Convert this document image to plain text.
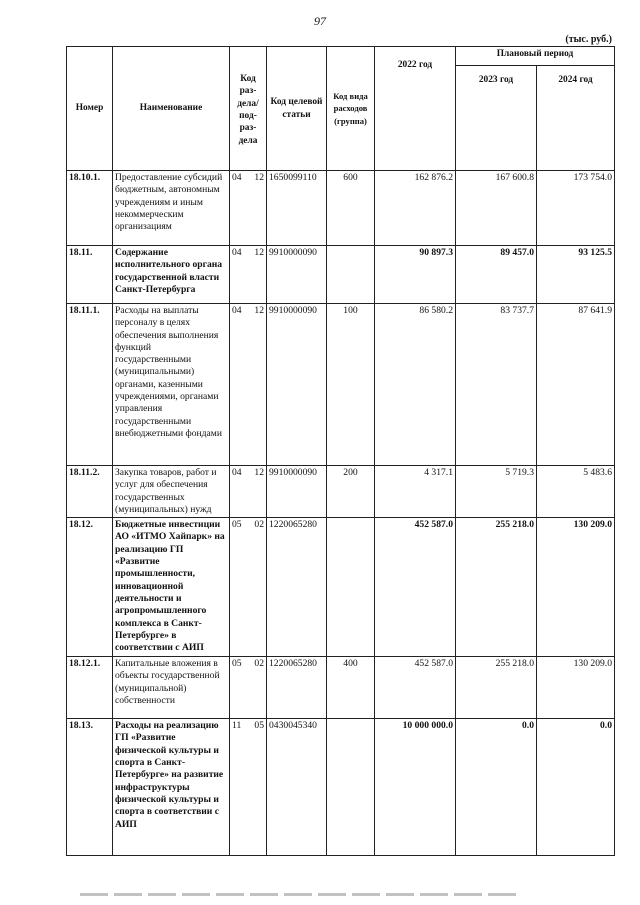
97
(тыс. руб.)
Номер	Наименование	Код раз-дела/ под-раз-дела	Код целевой статьи	Код вида расходов (группа)	2022 год	Плановый период	
						2023 год	2024 год
18.10.1.	Предоставление субсидий бюджетным, автономным учреждениям и иным некоммерческим организациям	04 12	1650099110	600	162 876.2	167 600.8	173 754.0
18.11.	Содержание исполнительного органа государственной власти Санкт-Петербурга	04 12	9910000090		90 897.3	89 457.0	93 125.5
18.11.1.	Расходы на выплаты персоналу в целях обеспечения выполнения функций государственными (муниципальными) органами, казенными учреждениями, органами управления государственными внебюджетными фондами	04 12	9910000090	100	86 580.2	83 737.7	87 641.9
18.11.2.	Закупка товаров, работ и услуг для обеспечения государственных (муниципальных) нужд	04 12	9910000090	200	4 317.1	5 719.3	5 483.6
18.12.	Бюджетные инвестиции АО «ИТМО Хайпарк» на реализацию ГП «Развитие промышленности, инновационной деятельности и агропромышленного комплекса в Санкт-Петербурге» в соответствии с АИП	05 02	1220065280		452 587.0	255 218.0	130 209.0
18.12.1.	Капитальные вложения в объекты государственной (муниципальной) собственности	05 02	1220065280	400	452 587.0	255 218.0	130 209.0
18.13.	Расходы на реализацию ГП «Развитие физической культуры и спорта в Санкт-Петербурге» на развитие инфраструктуры физической культуры и спорта в соответствии с АИП	11 05	0430045340		10 000 000.0	0.0	0.0
